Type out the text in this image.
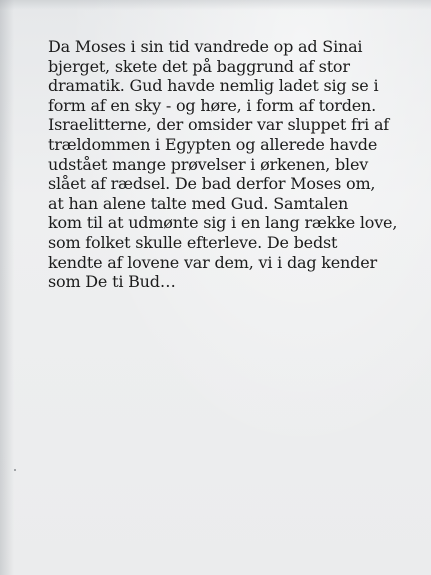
Da Moses i sin tid vandrede op ad Sinai
bjerget, skete det på baggrund af stor
dramatik. Gud havde nemlig ladet sig se i
form af en sky - og høre, i form af torden.
Israelitterne, der omsider var sluppet fri af
trældommen i Egypten og allerede havde
udstået mange prøvelser i ørkenen, blev
slået af rædsel. De bad derfor Moses om,
at han alene talte med Gud. Samtalen
kom til at udmønte sig i en lang række love,
som folket skulle efterleve. De bedst
kendte af lovene var dem, vi i dag kender
som De ti Bud…
